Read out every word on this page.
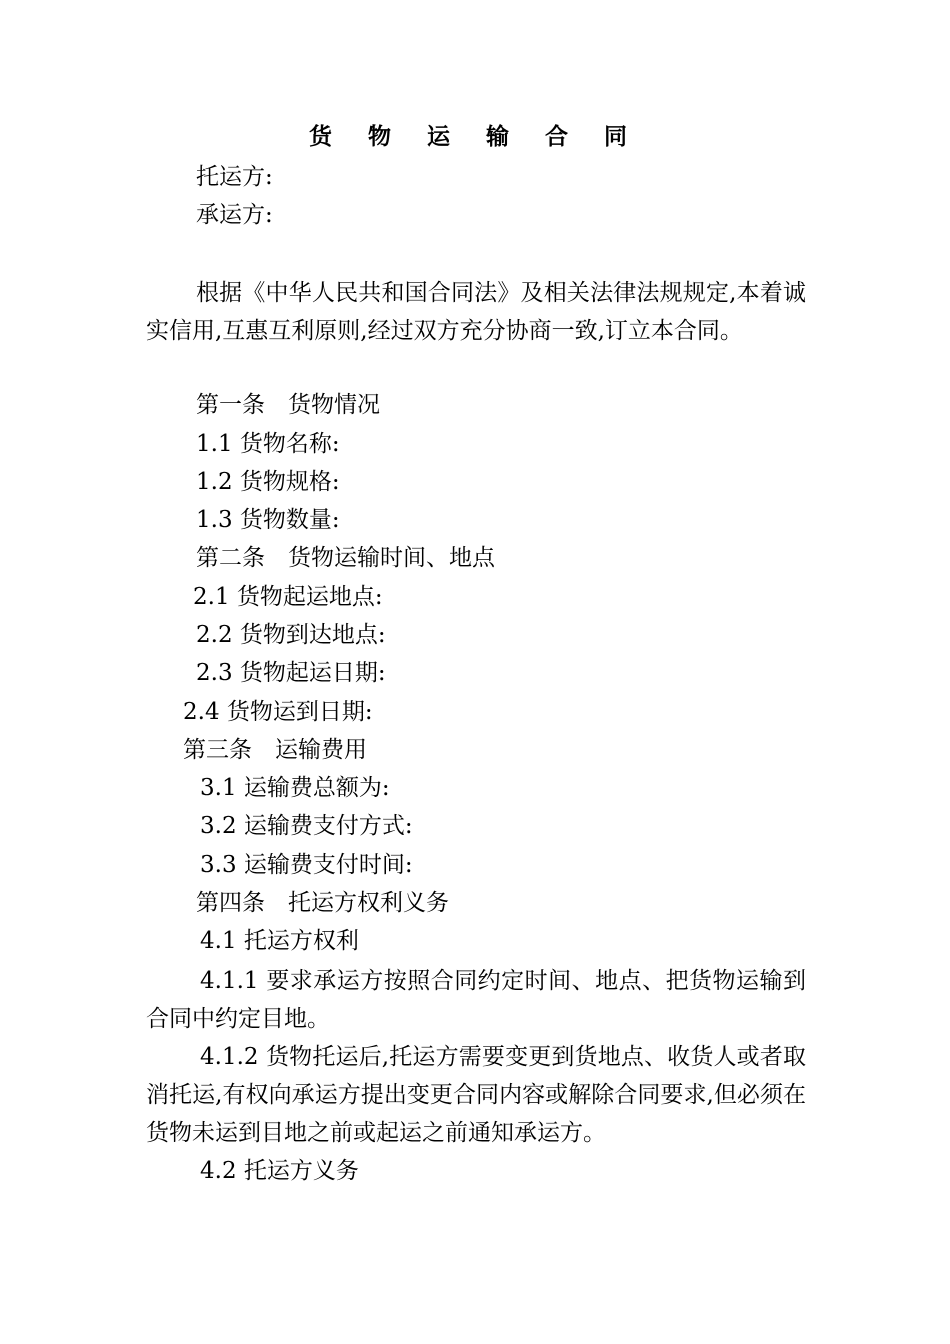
货 物 运 输 合 同
托运方:
承运方:
根据《中华人民共和国合同法》及相关法律法规规定,本着诚实信用,互惠互利原则,经过双方充分协商一致,订立本合同。
第一条　货物情况
1.1 货物名称:
1.2 货物规格:
1.3 货物数量:
第二条　货物运输时间、地点
2.1 货物起运地点:
2.2 货物到达地点:
2.3 货物起运日期:
2.4 货物运到日期:
第三条　运输费用
3.1 运输费总额为:
3.2 运输费支付方式:
3.3 运输费支付时间:
第四条　托运方权利义务
4.1 托运方权利
4.1.1 要求承运方按照合同约定时间、地点、把货物运输到合同中约定目地。
4.1.2 货物托运后,托运方需要变更到货地点、收货人或者取消托运,有权向承运方提出变更合同内容或解除合同要求,但必须在货物未运到目地之前或起运之前通知承运方。
4.2 托运方义务
